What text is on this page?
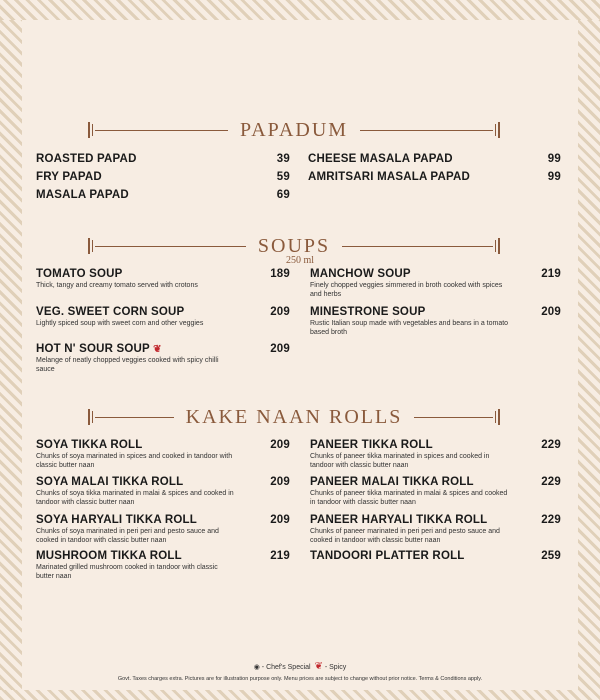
PAPADUM
ROASTED PAPAD	39
FRY PAPAD	59
MASALA PAPAD	69
CHEESE MASALA PAPAD	99
AMRITSARI MASALA PAPAD	99
SOUPS
250 ml
TOMATO SOUP	189
Thick, tangy and creamy tomato served with crotons
VEG. SWEET CORN SOUP	209
Lightly spiced soup with sweet corn and other veggies
HOT N' SOUR SOUP ❦	209
Melange of neatly chopped veggies cooked with spicy chilli sauce
MANCHOW SOUP	219
Finely chopped veggies simmered in broth cooked with spices and herbs
MINESTRONE SOUP	209
Rustic Italian soup made with vegetables and beans in a tomato based broth
KAKE NAAN ROLLS
SOYA TIKKA ROLL	209
Chunks of soya marinated in spices and cooked in tandoor with classic butter naan
SOYA MALAI TIKKA ROLL	209
Chunks of soya tikka marinated in malai & spices and cooked in tandoor with classic butter naan
SOYA HARYALI TIKKA ROLL	209
Chunks of soya marinated in peri peri and pesto sauce and cooked in tandoor with classic butter naan
MUSHROOM TIKKA ROLL	219
Marinated grilled mushroom cooked in tandoor with classic butter naan
PANEER TIKKA ROLL	229
Chunks of paneer tikka marinated in spices and cooked in tandoor with classic butter naan
PANEER MALAI TIKKA ROLL	229
Chunks of paneer tikka marinated in malai & spices and cooked in tandoor with classic butter naan
PANEER HARYALI TIKKA ROLL	229
Chunks of paneer marinated in peri peri and pesto sauce and cooked in tandoor with classic butter naan
TANDOORI PLATTER ROLL	259
◉ - Chef's Special ❦ - Spicy
Govt. Taxes charges extra. Pictures are for illustration purpose only. Menu prices are subject to change without prior notice. Terms & Conditions apply.
